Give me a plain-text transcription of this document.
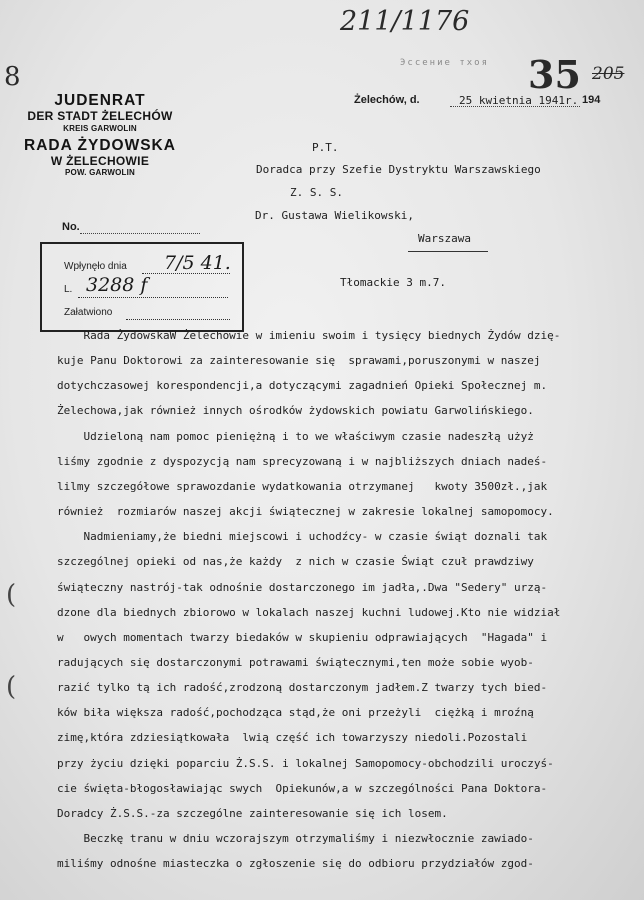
211/1176
8	35 205
Эссение тхоя
JUDENRAT
DER STADT ŻELECHÓW
KREIS GARWOLIN
RADA ŻYDOWSKA
W ŻELECHOWIE
POW. GARWOLIN
No.
Żelechów, d.	25 kwietnia 1941r. 194
Wpłynęło dnia 7/5 41.
L. 3288 f
Załatwiono
P.T.
Doradca przy Szefie Dystryktu Warszawskiego
Z. S. S.
Dr. Gustawa Wielikowski,
Warszawa
Tłomackie 3 m.7.
(
(
Rada ŻydowskaW Żelechowie w imieniu swoim i tysięcy biednych Żydów dzię-
kuje Panu Doktorowi za zainteresowanie się  sprawami,poruszonymi w naszej
dotychczasowej korespondencji,a dotyczącymi zagadnień Opieki Społecznej m.
Żelechowa,jak również innych ośrodków żydowskich powiatu Garwolińskiego.
Udzieloną nam pomoc pieniężną i to we właściwym czasie nadeszłą użyż
liśmy zgodnie z dyspozycją nam sprecyzowaną i w najbliższych dniach nadeś-
lilmy szczegółowe sprawozdanie wydatkowania otrzymanej   kwoty 3500zł.,jak
również  rozmiarów naszej akcji świątecznej w zakresie lokalnej samopomocy.
Nadmieniamy,że biedni miejscowi i uchodźcy- w czasie świąt doznali tak
szczególnej opieki od nas,że każdy  z nich w czasie Świąt czuł prawdziwy
świąteczny nastrój-tak odnośnie dostarczonego im jadła,.Dwa "Sedery" urzą-
dzone dla biednych zbiorowo w lokalach naszej kuchni ludowej.Kto nie widział
w   owych momentach twarzy biedaków w skupieniu odprawiających  "Hagada" i
radujących się dostarczonymi potrawami świątecznymi,ten może sobie wyob-
razić tylko tą ich radość,zrodzoną dostarczonym jadłem.Z twarzy tych bied-
ków biła większa radość,pochodząca stąd,że oni przeżyli  ciężką i mroźną
zimę,która zdziesiątkowała  lwią część ich towarzyszy niedoli.Pozostali
przy życiu dzięki poparciu Ż.S.S. i lokalnej Samopomocy-obchodzili uroczyś-
cie święta-błogosławiając swych  Opiekunów,a w szczególności Pana Doktora-
Doradcy Ż.S.S.-za szczególne zainteresowanie się ich losem.
Beczkę tranu w dniu wczorajszym otrzymaliśmy i niezwłocznie zawiado-
miliśmy odnośne miasteczka o zgłoszenie się do odbioru przydziałów zgod-
